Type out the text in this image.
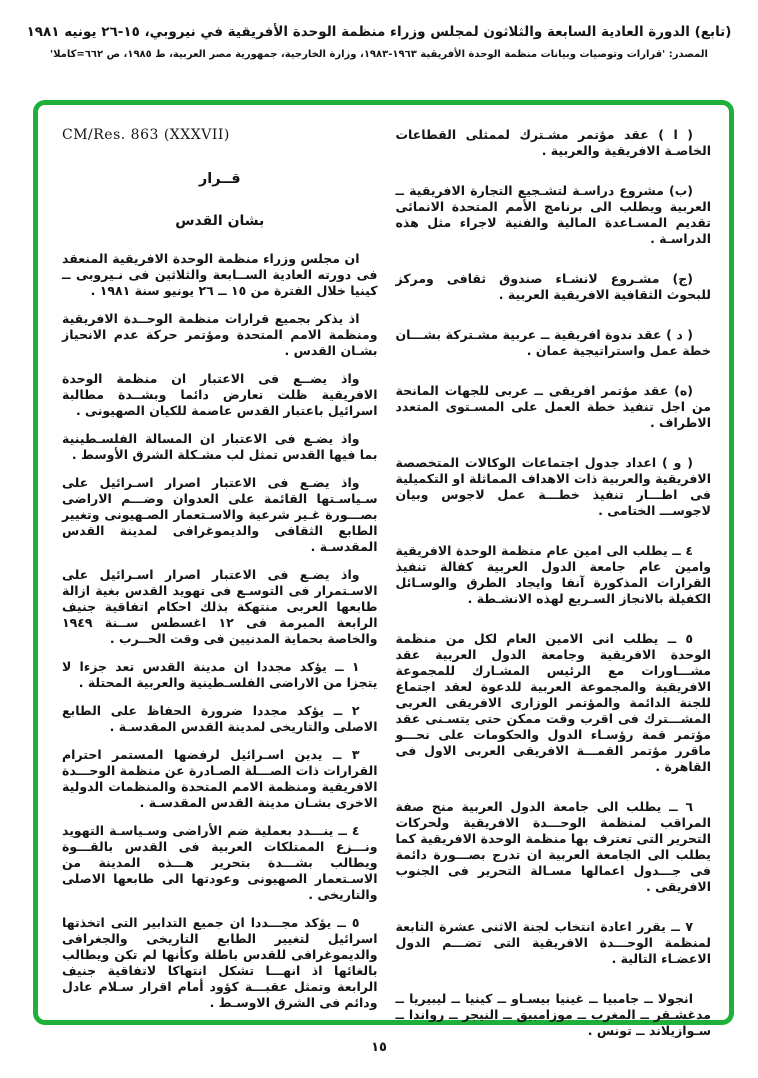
(تابع) الدورة العادية السابعة والثلاثون لمجلس وزراء منظمة الوحدة الأفريقية في نيروبي، ١٥-٢٦ يونيه ١٩٨١
المصدر: 'قرارات وتوصيات وبيانات منظمة الوحدة الأفريقية ١٩٦٣-١٩٨٣، وزارة الخارجية، جمهورية مصر العربية، ط ١٩٨٥، ص ٦٦٢=كاملا'
CM/Res. 863 (XXXVII)
قــرار
بشان القدس

ان مجلس وزراء منظمة الوحدة الافريقية المنعقد فى دورته العادية الســابعة والثلاثين فى نـيروبى ــ كينيا خلال الفترة من ١٥ ــ ٢٦ يونيو سنة ١٩٨١ .

اذ يذكر بجميع قرارات منظمة الوحــدة الافريقية ومنظمة الامم المتحدة ومؤتمر حركة عدم الانحياز بشـان القدس .

واذ يضــع فى الاعتبار ان منظمة الوحدة الافريقية ظلت تعارض دائما وبشــدة مطالبة اسرائيل باعتبار القدس عاصمة للكيان الصهيونى .

واذ يضـع فى الاعتبار ان المسالة الفلسـطينية بما فيها القدس تمثل لب مشـكلة الشرق الأوسط .

واذ يضـع فى الاعتبار اصرار اسـرائيل على سـياسـتها القائمة على العدوان وضـــم الاراضى بصـــورة غـير شرعية والاسـتعمار الصـهيونى وتغيير الطابع الثقافى والديموغرافى لمدينة القدس المقدسـة .

واذ يضـع فى الاعتبار اصرار اسـرائيل على الاسـتمرار فى التوسـع فى تهويد القدس بغية ازالة طابعها العربى منتهكة بذلك احكام اتفاقية جنيف الرابعة المبرمة فى ١٢ اغسطس ســنة ١٩٤٩ والخاصة بحماية المدنيين فى وقت الحــرب .

١ ــ يؤكد مجددا ان مدينة القدس تعد جزءا لا يتجزا من الاراضى الفلسـطينية والعربية المحتلة .

٢ ــ يؤكد مجددا ضرورة الحفاظ على الطابع الاصلى والتاريخى لمدينة القدس المقدسـة .

٣ ــ يدين اسـرائيل لرفضها المستمر احترام القرارات ذات الصـــلة الصـادرة عن منظمة الوحـــدة الافريقية ومنظمة الامم المتحدة والمنظمات الدولية الاخرى بشـان مدينة القدس المقدسـة .

٤ ــ ينـــدد بعملية ضم الأراضى وسـياسـة التهويد ونـــزع الممتلكات العربية فى القدس بالقـــوة ويطالب بشـــدة بتحرير هـــذه المدينة من الاسـتعمار الصهيونى وعودتها الى طابعها الاصلى والتاريخى .

٥ ــ يؤكد مجـــددا ان جميع التدابير التى اتخذتها اسرائيل لتغيير الطابع التاريخى والجغرافى والديموغرافى للقدس باطلة وكأنها لم تكن ويطالب بالغائها اذ انهـــا تشكل انتهاكا لاتفاقية جنيف الرابعة وتمثل عقبـــة كؤود أمام اقرار سـلام عادل ودائم فى الشرق الاوسـط .

( ا ) عقد مؤتمر مشـترك لممثلى القطاعات الخاصـة الافريقية والعربية .

(ب) مشروع دراسـة لتشـجيع التجارة الافريقية ــ العربية ويطلب الى برنامج الأمم المتحدة الانمائى تقديم المسـاعدة المالية والفنية لاجراء مثل هذه الدراسـة .

(ج) مشـروع لانشـاء صندوق ثقافى ومركز للبحوث الثقافية الافريقية العربية .

( د ) عقد ندوة افريقية ــ عربية مشـتركة بشـــان خطة عمل واستراتيجية عمان .

(ه) عقد مؤتمر افريقى ــ عربى للجهات المانحة من اجل تنفيذ خطة العمل على المسـتوى المتعدد الاطراف .

( و ) اعداد جدول اجتماعات الوكالات المتخصصة الافريقية والعربية ذات الاهداف المماثلة او التكميلية فى اطـــار تنفيذ خطـــة عمل لاجوس وبيان لاجوســـ الختامى .

٤ ــ يطلب الى امين عام منظمة الوحدة الافريقية وامين عام جامعة الدول العربية كفالة تنفيذ القرارات المذكورة آنفا وايجاد الطرق والوسـائل الكفيلة بالانجاز السـريع لهذه الانشـطة .

٥ ــ يطلب انى الامين العام لكل من منظمة الوحدة الافريقية وجامعة الدول العربية عقد مشـــاورات مع الرئيس المشـارك للمجموعة الافريقية والمجموعة العربية للدعوة لعقد اجتماع للجنة الدائمة والمؤتمر الوزارى الافريقى العربى المشـــترك فى اقرب وقت ممكن حتى يتسـنى عقد مؤتمر قمة رؤسـاء الدول والحكومات على نحـــو ماقرر مؤتمر القمـــة الافريقى العربى الاول فى القاهرة .

٦ ــ يطلب الى جامعة الدول العربية منح صفة المراقب لمنظمة الوحـــدة الافريقية ولحركات التحرير التى تعترف بها منظمة الوحدة الافريقية كما يطلب الى الجامعة العربية ان تدرج بصـــورة دائمة فى جـــدول اعمالها مسـالة التحرير فى الجنوب الافريقى .

٧ ــ يقرر اعادة انتخاب لجنة الاثنى عشرة التابعة لمنظمة الوحـــدة الافريقية التى تضـــم الدول الاعضـاء التالية .

انجولا ــ جامبيا ــ غينيا بيسـاو ــ كينيا ــ ليبيريا ــ مدغشـقر ــ المغرب ــ موزامبيق ــ النيجر ــ رواندا ــ سـوازيلاند ــ تونس .

١٥
